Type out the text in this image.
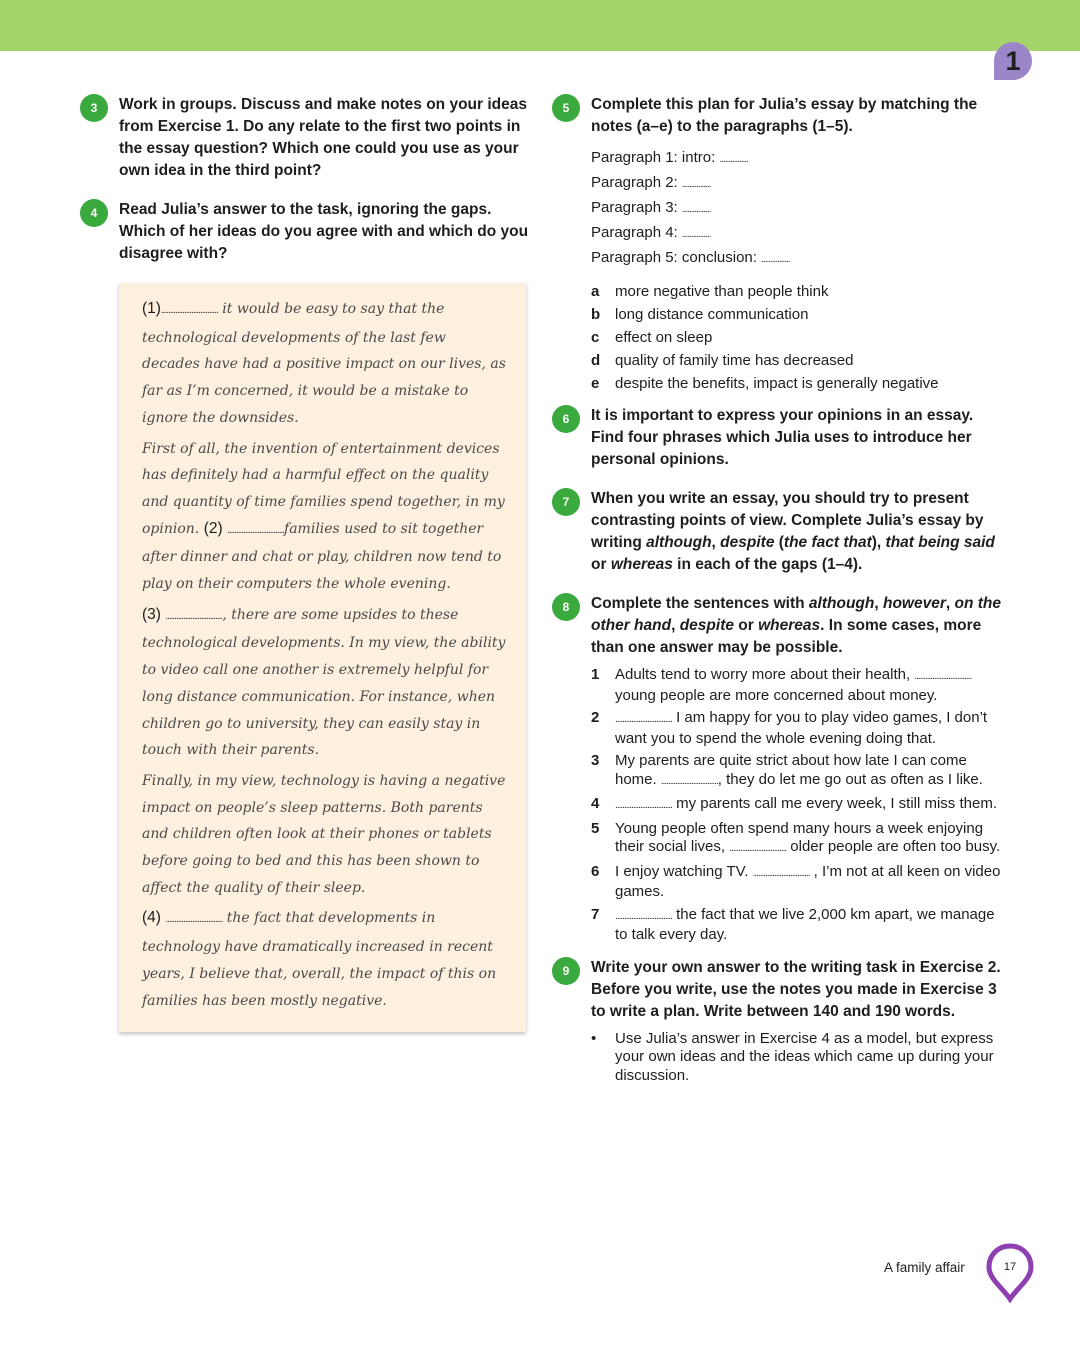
1
3	Work in groups. Discuss and make notes on your ideas from Exercise 1. Do any relate to the first two points in the essay question? Which one could you use as your own idea in the third point?

4	Read Julia’s answer to the task, ignoring the gaps. Which of her ideas do you agree with and which do you disagree with?

(1)................................ it would be easy to say that the technological developments of the last few decades have had a positive impact on our lives, as far as I’m concerned, it would be a mistake to ignore the downsides.

First of all, the invention of entertainment devices has definitely had a harmful effect on the quality and quantity of time families spend together, in my opinion. (2) ................................families used to sit together after dinner and chat or play, children now tend to play on their computers the whole evening.

(3) ................................, there are some upsides to these technological developments. In my view, the ability to video call one another is extremely helpful for long distance communication. For instance, when children go to university, they can easily stay in touch with their parents.

Finally, in my view, technology is having a negative impact on people’s sleep patterns. Both parents and children often look at their phones or tablets before going to bed and this has been shown to affect the quality of their sleep.

(4) ................................ the fact that developments in technology have dramatically increased in recent years, I believe that, overall, the impact of this on families has been mostly negative.

5	Complete this plan for Julia’s essay by matching the notes (a–e) to the paragraphs (1–5).

Paragraph 1: intro: ................
Paragraph 2: ................
Paragraph 3: ................
Paragraph 4: ................
Paragraph 5: conclusion: ................
a	more negative than people think
b long distance communication
c	effect on sleep
d quality of family time has decreased
e	despite the benefits, impact is generally negative
6	It is important to express your opinions in an essay. Find four phrases which Julia uses to introduce her personal opinions.

7	When you write an essay, you should try to present contrasting points of view. Complete Julia’s essay by writing although, despite (the fact that), that being said or whereas in each of the gaps (1–4).

8	Complete the sentences with although, however, on the other hand, despite or whereas. In some cases, more than one answer may be possible.

1	Adults tend to worry more about their health, ................................ young people are more concerned about money.
2	................................ I am happy for you to play video games, I don’t want you to spend the whole evening doing that.
3	My parents are quite strict about how late I can come home. ................................, they do let me go out as often as I like.
4	................................ my parents call me every week, I still miss them.
5	Young people often spend many hours a week enjoying their social lives, ................................ older people are often too busy.
6	I enjoy watching TV. ................................ , I’m not at all keen on video games.
7	................................ the fact that we live 2,000 km apart, we manage to talk every day.
9	Write your own answer to the writing task in Exercise 2. Before you write, use the notes you made in Exercise 3 to write a plan. Write between 140 and 190 words.

•	Use Julia’s answer in Exercise 4 as a model, but express your own ideas and the ideas which came up during your discussion.
A family affair	17
